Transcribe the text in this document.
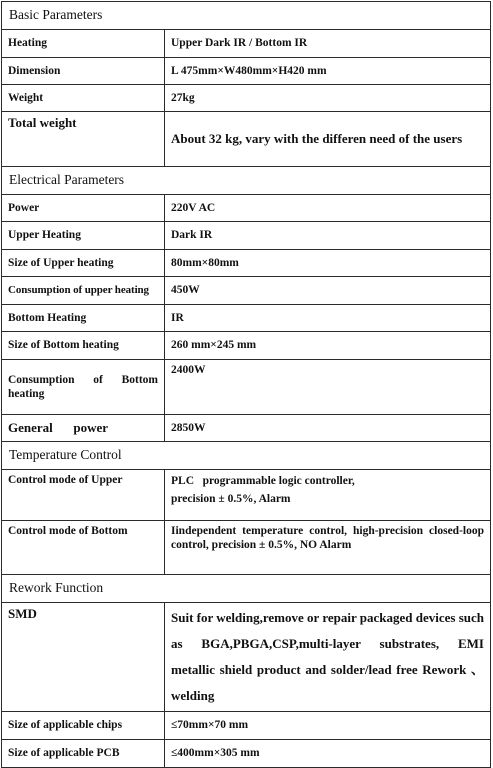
Basic Parameters	
Heating	Upper Dark IR / Bottom IR
Dimension	L 475mm×W480mm×H420 mm
Weight	27kg
Total weight	About 32 kg, vary with the differen need of the users
Electrical Parameters	
Power	220V AC
Upper Heating	Dark IR
Size of Upper heating	80mm×80mm
Consumption of upper heating	450W
Bottom Heating	IR
Size of Bottom heating	260 mm×245 mm
Consumption of Bottom heating	2400W
General power	2850W
Temperature Control	
Control mode of Upper	PLC   programmable logic controller,
precision ± 0.5%, Alarm

Control mode of Bottom	Iindependent temperature control, high-precision closed-loop control, precision ± 0.5%, NO Alarm
Rework Function	
SMD	Suit for welding,remove or repair packaged devices such as BGA,PBGA,CSP,multi-layer substrates, EMI metallic shield product and solder/lead free Rework 、welding
Size of applicable chips	≤70mm×70 mm
Size of applicable PCB	≤400mm×305 mm
